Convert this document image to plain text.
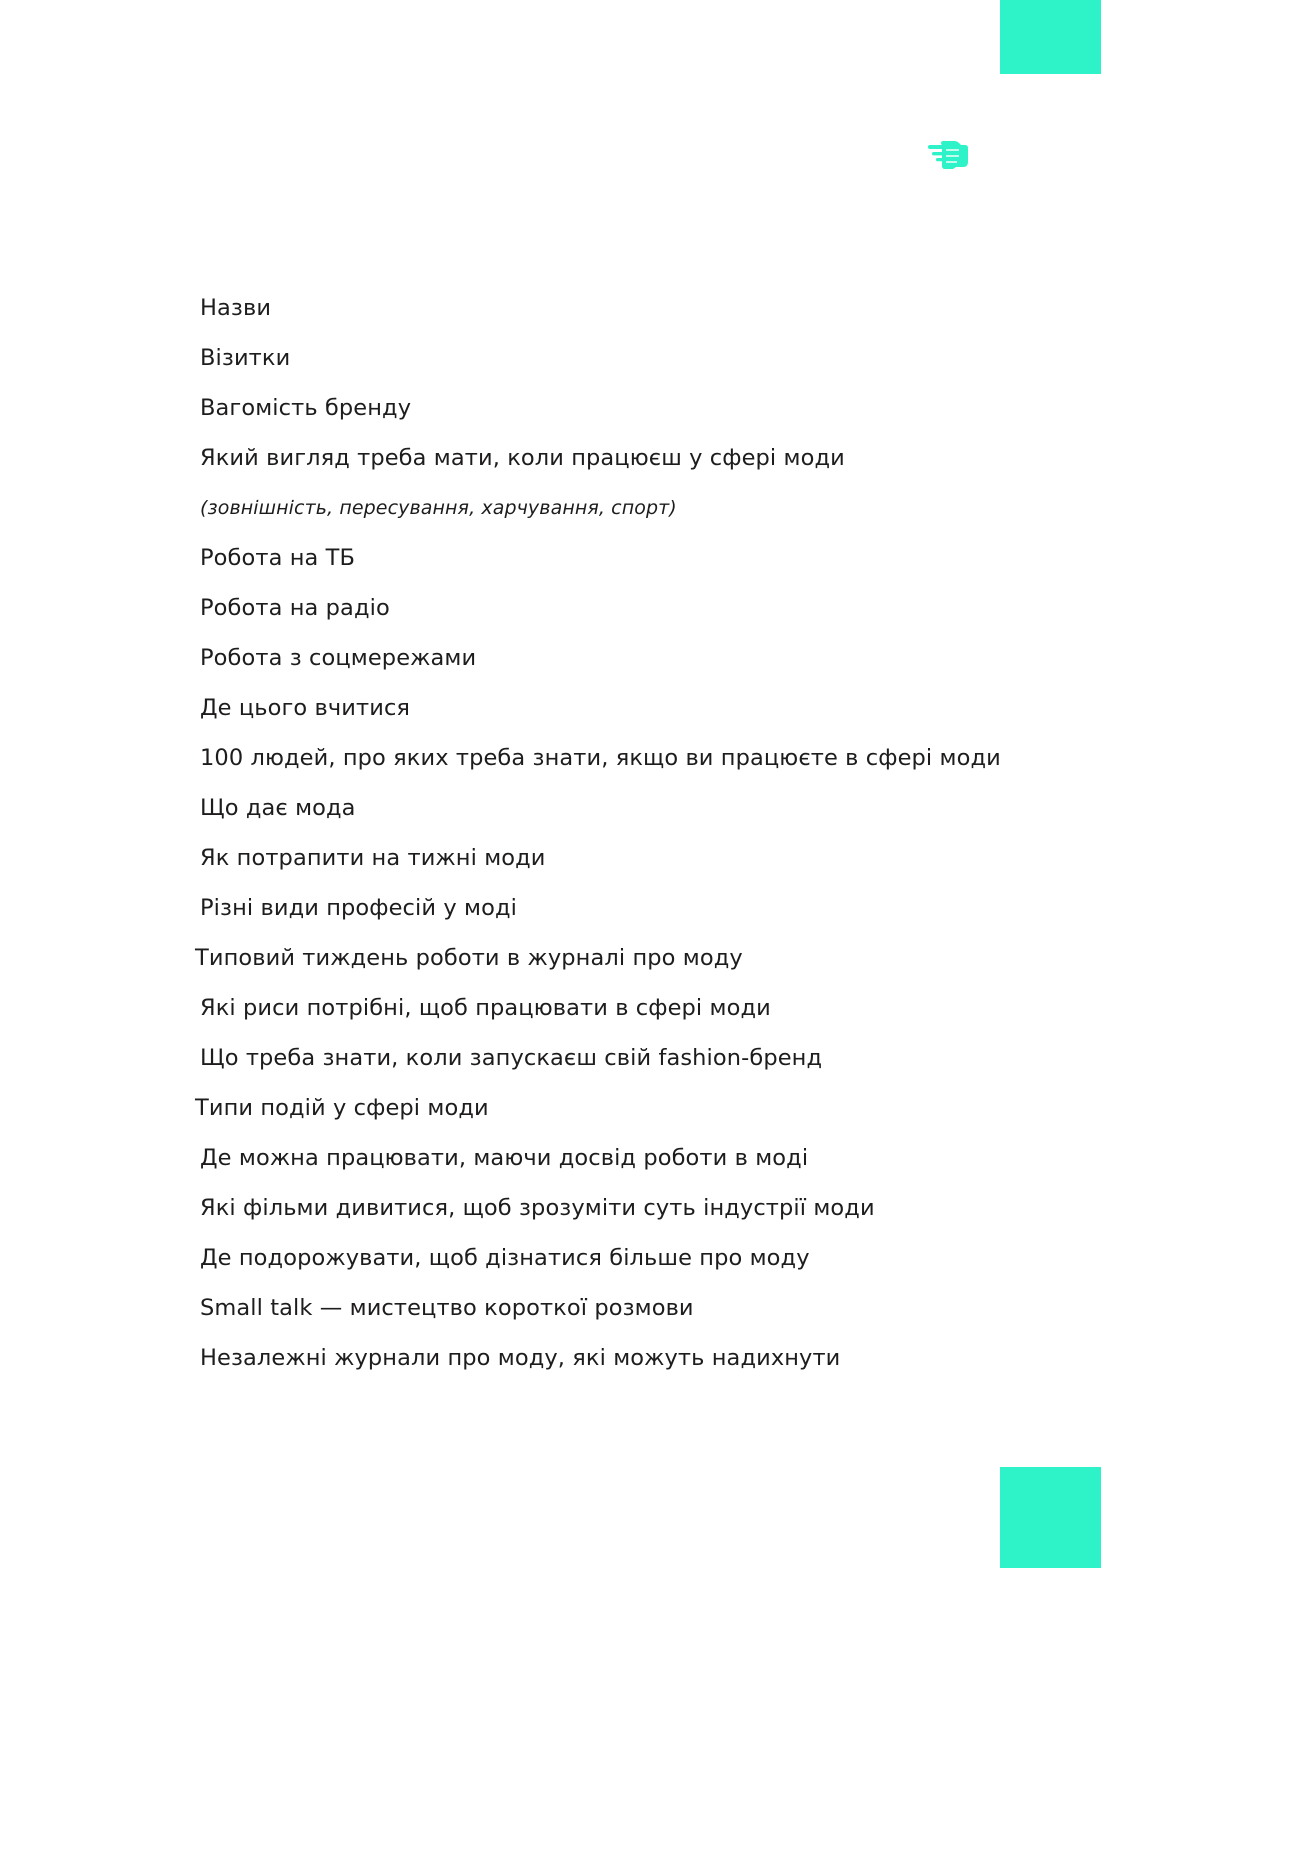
Назви
Візитки
Вагомість бренду
Який вигляд треба мати, коли працюєш у сфері моди
(зовнішність, пересування, харчування, спорт)
Робота на ТБ
Робота на радіо
Робота з соцмережами
Де цього вчитися
100 людей, про яких треба знати, якщо ви працюєте в сфері моди
Що дає мода
Як потрапити на тижні моди
Різні види професій у моді
Типовий тиждень роботи в журналі про моду
Які риси потрібні, щоб працювати в сфері моди
Що треба знати, коли запускаєш свій fashion-бренд
Типи подій у сфері моди
Де можна працювати, маючи досвід роботи в моді
Які фільми дивитися, щоб зрозуміти суть індустрії моди
Де подорожувати, щоб дізнатися більше про моду
Small talk — мистецтво короткої розмови
Незалежні журнали про моду, які можуть надихнути
